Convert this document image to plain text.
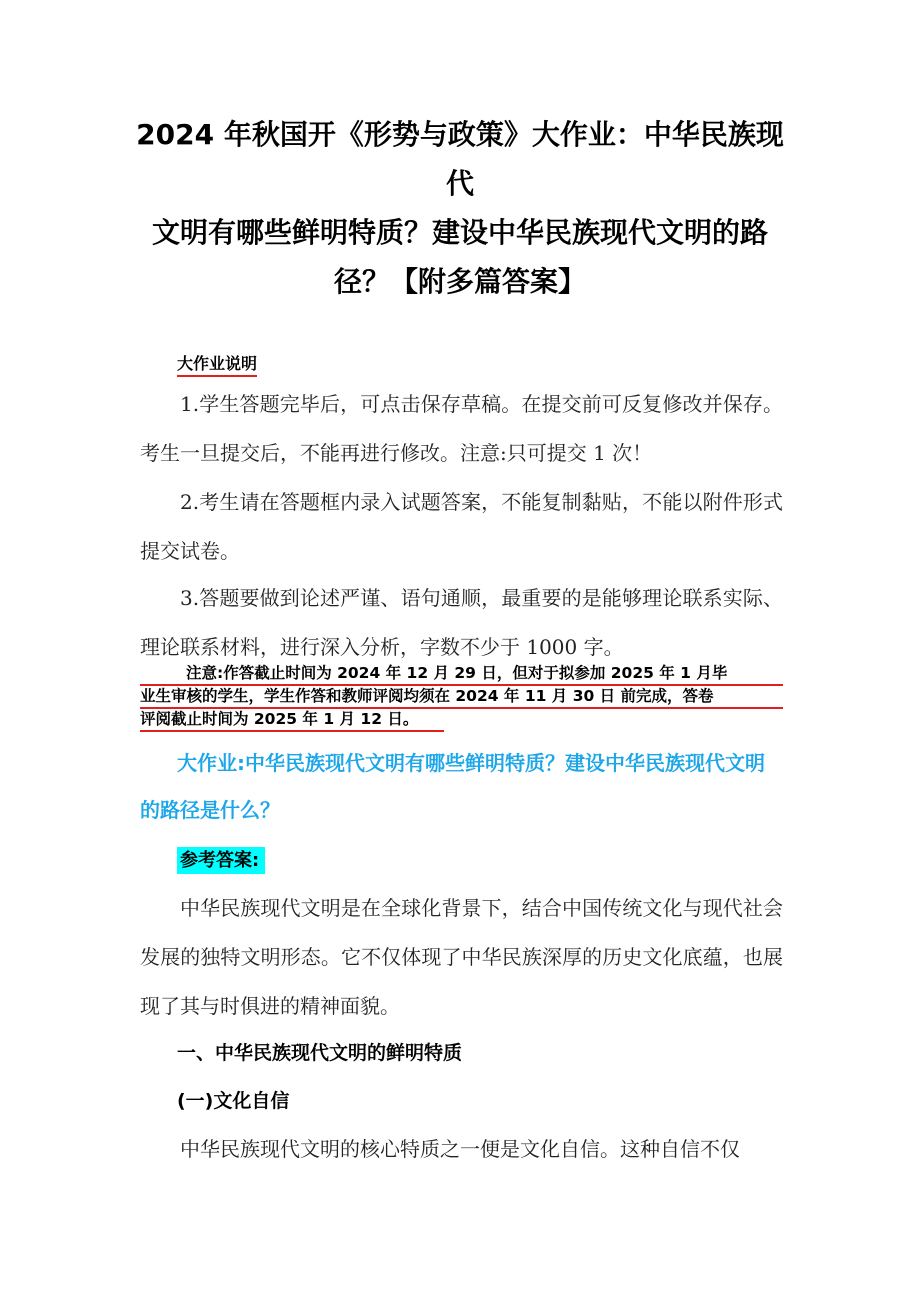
2024 年秋国开《形势与政策》大作业：中华民族现代
文明有哪些鲜明特质？建设中华民族现代文明的路
径？【附多篇答案】
大作业说明
1.学生答题完毕后，可点击保存草稿。在提交前可反复修改并保存。考生一旦提交后，不能再进行修改。注意:只可提交 1 次！
2.考生请在答题框内录入试题答案，不能复制黏贴，不能以附件形式提交试卷。
3.答题要做到论述严谨、语句通顺，最重要的是能够理论联系实际、理论联系材料，进行深入分析，字数不少于 1000 字。
注意:作答截止时间为 2024 年 12 月 29 日，但对于拟参加 2025 年 1 月毕
业生审核的学生，学生作答和教师评阅均须在 2024 年 11 月 30 日 前完成，答卷
评阅截止时间为 2025 年 1 月 12 日。
大作业:中华民族现代文明有哪些鲜明特质？建设中华民族现代文明的路径是什么？
参考答案:
中华民族现代文明是在全球化背景下，结合中国传统文化与现代社会发展的独特文明形态。它不仅体现了中华民族深厚的历史文化底蕴，也展现了其与时俱进的精神面貌。
一、中华民族现代文明的鲜明特质
(一)文化自信
中华民族现代文明的核心特质之一便是文化自信。这种自信不仅
